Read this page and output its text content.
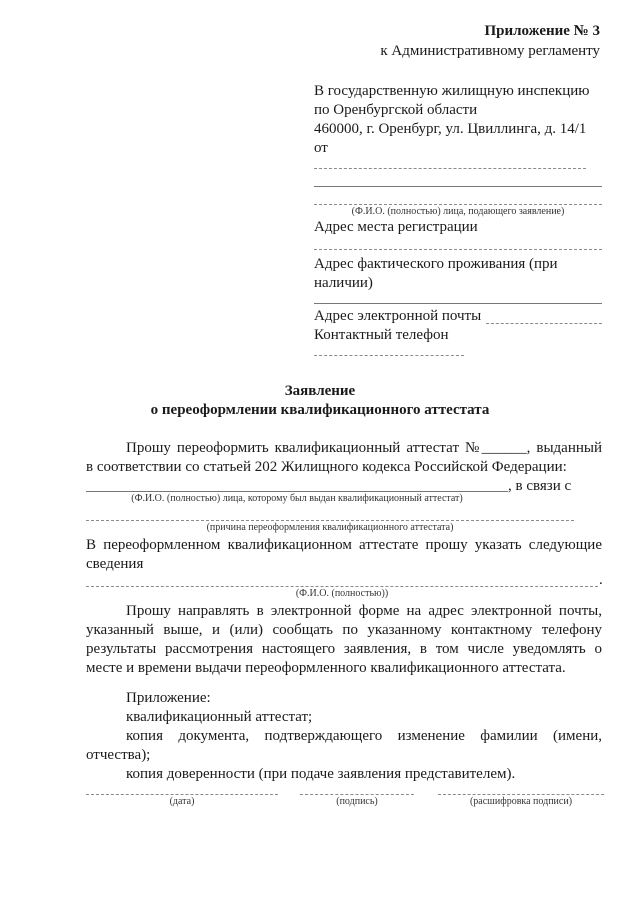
Приложение № 3
к Административному регламенту
В государственную жилищную инспекцию
по Оренбургской области
460000, г. Оренбург, ул. Цвиллинга, д. 14/1
от
(Ф.И.О. (полностью) лица, подающего заявление)
Адрес места регистрации
Адрес фактического проживания (при
наличии)
Адрес электронной почты
Контактный телефон
Заявление
о переоформлении квалификационного аттестата
Прошу переоформить квалификационный аттестат №______, выданный
в соответствии со статьей 202 Жилищного кодекса Российской Федерации:
, в связи с
(Ф.И.О. (полностью) лица, которому был выдан квалификационный аттестат)
(причина переоформления квалификационного аттестата)
В переоформленном квалификационном аттестате прошу указать следующие
сведения
.
(Ф.И.О. (полностью))
Прошу направлять в электронной форме на адрес электронной почты,
указанный выше, и (или) сообщать по указанному контактному телефону
результаты рассмотрения настоящего заявления, в том числе уведомлять о
месте и времени выдачи переоформленного квалификационного аттестата.
Приложение:
квалификационный аттестат;
копия документа, подтверждающего изменение фамилии (имени,
отчества);
копия доверенности (при подаче заявления представителем).
(дата)	(подпись)	(расшифровка подписи)
